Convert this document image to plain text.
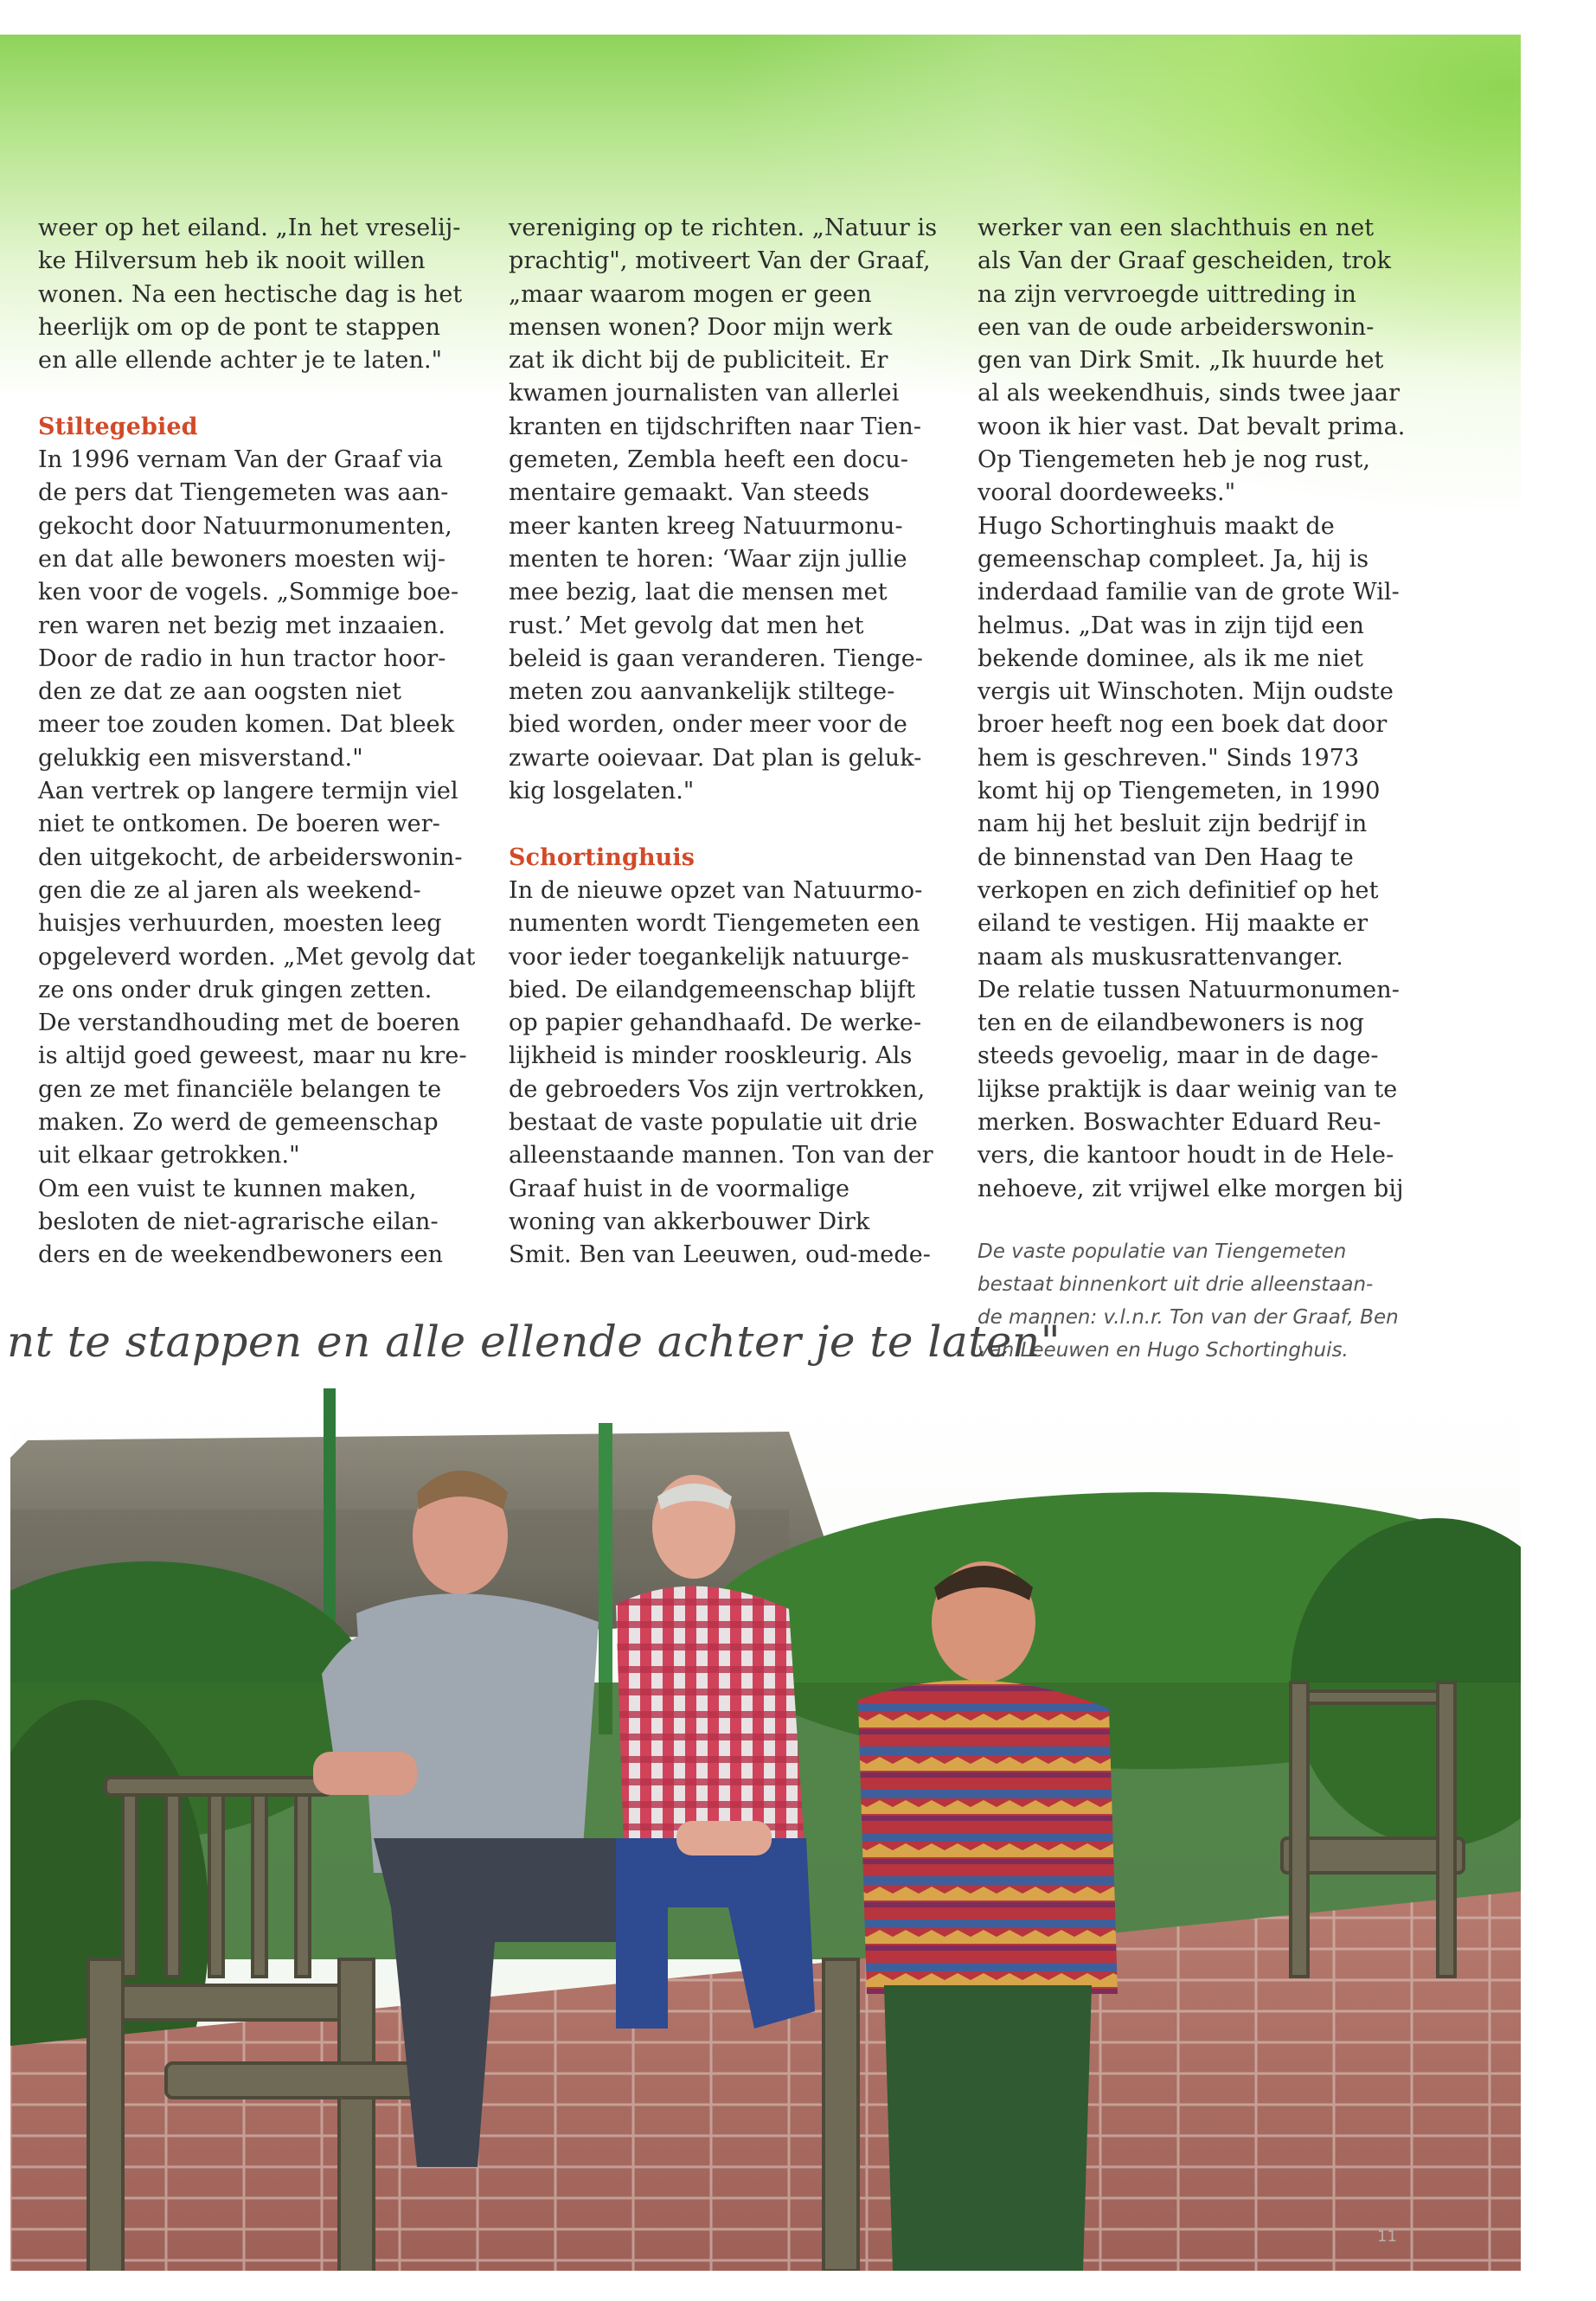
weer op het eiland. „In het vreselij-

ke Hilversum heb ik nooit willen

wonen. Na een hectische dag is het

heerlijk om op de pont te stappen

en alle ellende achter je te laten."

Stiltegebied

In 1996 vernam Van der Graaf via

de pers dat Tiengemeten was aan-

gekocht door Natuurmonumenten,

en dat alle bewoners moesten wij-

ken voor de vogels. „Sommige boe-

ren waren net bezig met inzaaien.

Door de radio in hun tractor hoor-

den ze dat ze aan oogsten niet

meer toe zouden komen. Dat bleek

gelukkig een misverstand."

Aan vertrek op langere termijn viel

niet te ontkomen. De boeren wer-

den uitgekocht, de arbeiderswonin-

gen die ze al jaren als weekend-

huisjes verhuurden, moesten leeg

opgeleverd worden. „Met gevolg dat

ze ons onder druk gingen zetten.

De verstandhouding met de boeren

is altijd goed geweest, maar nu kre-

gen ze met financiële belangen te

maken. Zo werd de gemeenschap

uit elkaar getrokken."

Om een vuist te kunnen maken,

besloten de niet-agrarische eilan-

ders en de weekendbewoners een

vereniging op te richten. „Natuur is

prachtig", motiveert Van der Graaf,

„maar waarom mogen er geen

mensen wonen? Door mijn werk

zat ik dicht bij de publiciteit. Er

kwamen journalisten van allerlei

kranten en tijdschriften naar Tien-

gemeten, Zembla heeft een docu-

mentaire gemaakt. Van steeds

meer kanten kreeg Natuurmonu-

menten te horen: ‘Waar zijn jullie

mee bezig, laat die mensen met

rust.’ Met gevolg dat men het

beleid is gaan veranderen. Tienge-

meten zou aanvankelijk stiltege-

bied worden, onder meer voor de

zwarte ooievaar. Dat plan is geluk-

kig losgelaten."

Schortinghuis

In de nieuwe opzet van Natuurmo-

numenten wordt Tiengemeten een

voor ieder toegankelijk natuurge-

bied. De eilandgemeenschap blijft

op papier gehandhaafd. De werke-

lijkheid is minder rooskleurig. Als

de gebroeders Vos zijn vertrokken,

bestaat de vaste populatie uit drie

alleenstaande mannen. Ton van der

Graaf huist in de voormalige

woning van akkerbouwer Dirk

Smit. Ben van Leeuwen, oud-mede-

werker van een slachthuis en net

als Van der Graaf gescheiden, trok

na zijn vervroegde uittreding in

een van de oude arbeiderswonin-

gen van Dirk Smit. „Ik huurde het

al als weekendhuis, sinds twee jaar

woon ik hier vast. Dat bevalt prima.

Op Tiengemeten heb je nog rust,

vooral doordeweeks."

Hugo Schortinghuis maakt de

gemeenschap compleet. Ja, hij is

inderdaad familie van de grote Wil-

helmus. „Dat was in zijn tijd een

bekende dominee, als ik me niet

vergis uit Winschoten. Mijn oudste

broer heeft nog een boek dat door

hem is geschreven." Sinds 1973

komt hij op Tiengemeten, in 1990

nam hij het besluit zijn bedrijf in

de binnenstad van Den Haag te

verkopen en zich definitief op het

eiland te vestigen. Hij maakte er

naam als muskusrattenvanger.

De relatie tussen Natuurmonumen-

ten en de eilandbewoners is nog

steeds gevoelig, maar in de dage-

lijkse praktijk is daar weinig van te

merken. Boswachter Eduard Reu-

vers, die kantoor houdt in de Hele-

nehoeve, zit vrijwel elke morgen bij

De vaste populatie van Tiengemeten

bestaat binnenkort uit drie alleenstaan-

de mannen: v.l.n.r. Ton van der Graaf, Ben

van Leeuwen en Hugo Schortinghuis.

nt te stappen en alle ellende achter je te laten"
11
